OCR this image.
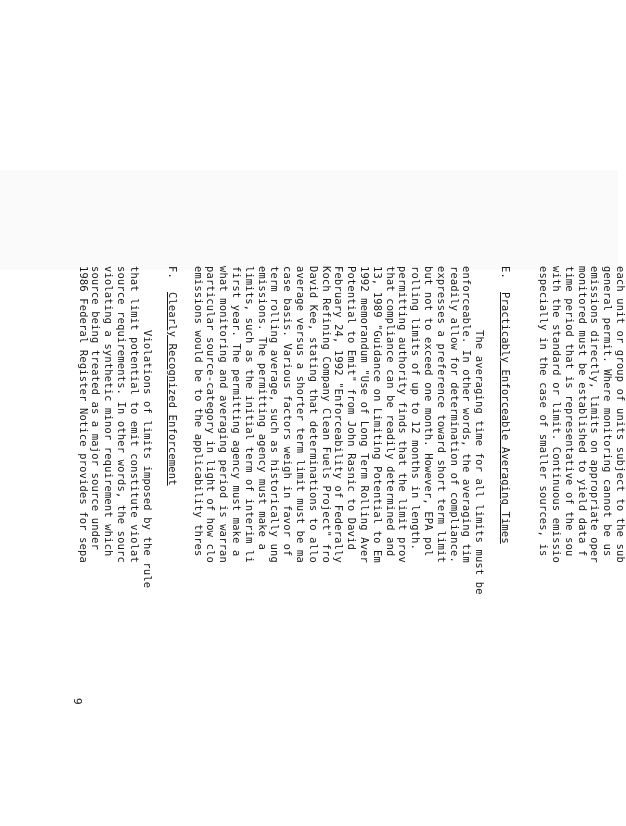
each unit or group of units subject to the sub
general permit. Where monitoring cannot be us
emissions directly, limits on appropriate oper
monitored must be established to yield data f
time period that is representative of the sou
with the standard or limit. Continuous emissio
especially in the case of smaller sources, is
E.Practicably Enforceable Averaging Times
The averaging time for all limits must be
enforceable. In other words, the averaging tim
readily allow for determination of compliance.
expresses a preference toward short term limit
but not to exceed one month. However, EPA pol
rolling limits of up to 12 months in length.
permitting authority finds that the limit prov
that compliance can be readily determined and
13, 1989 "Guidance on Limiting Potential to Em
1992 memorandum "Use of Long Term Rolling Aver
Potential to Emit" from John Rasnic to David
February 24, 1992 "Enforceability of Federally
Koch Refining Company Clean Fuels Project" fro
David Kee, stating that determinations to allo
average versus a shorter term limit must be ma
case basis. Various factors weigh in favor of
term rolling average, such as historically ung
emissions. The permitting agency must make a
limits, such as the initial term of interim li
first year. The permitting agency must make a
what monitoring and averaging period is warran
particular source-category in light of how clo
emissions would be to the applicability thres
F.Clearly Recognized Enforcement
Violations of limits imposed by the rule
that limit potential to emit constitute violat
source requirements. In other words, the sourc
violating a synthetic minor requirement which
source being treated as a major source under
1986 Federal Register Notice provides for sepa
9
